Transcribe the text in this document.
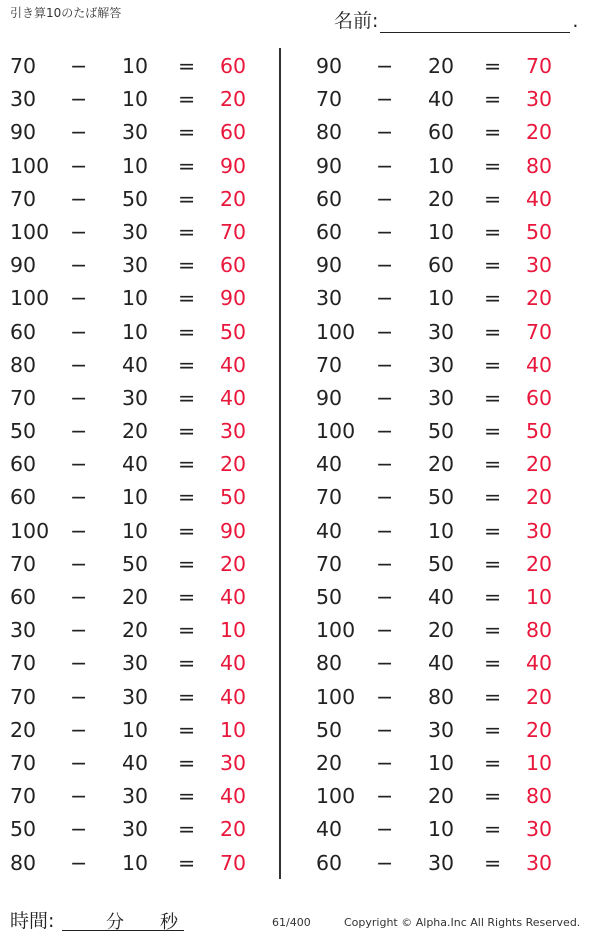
引き算10のたば解答	名前:	.
70 − 10 = 60
30 − 10 = 20
90 − 30 = 60
100 − 10 = 90
70 − 50 = 20
100 − 30 = 70
90 − 30 = 60
100 − 10 = 90
60 − 10 = 50
80 − 40 = 40
70 − 30 = 40
50 − 20 = 30
60 − 40 = 20
60 − 10 = 50
100 − 10 = 90
70 − 50 = 20
60 − 20 = 40
30 − 20 = 10
70 − 30 = 40
70 − 30 = 40
20 − 10 = 10
70 − 40 = 30
70 − 30 = 40
50 − 30 = 20
80 − 10 = 70
90 − 20 = 70
70 − 40 = 30
80 − 60 = 20
90 − 10 = 80
60 − 20 = 40
60 − 10 = 50
90 − 60 = 30
30 − 10 = 20
100 − 30 = 70
70 − 30 = 40
90 − 30 = 60
100 − 50 = 50
40 − 20 = 20
70 − 50 = 20
40 − 10 = 30
70 − 50 = 20
50 − 40 = 10
100 − 20 = 80
80 − 40 = 40
100 − 80 = 20
50 − 30 = 20
20 − 10 = 10
100 − 20 = 80
40 − 10 = 30
60 − 30 = 30
時間:	分 秒	61/400	Copyright © Alpha.Inc All Rights Reserved.
